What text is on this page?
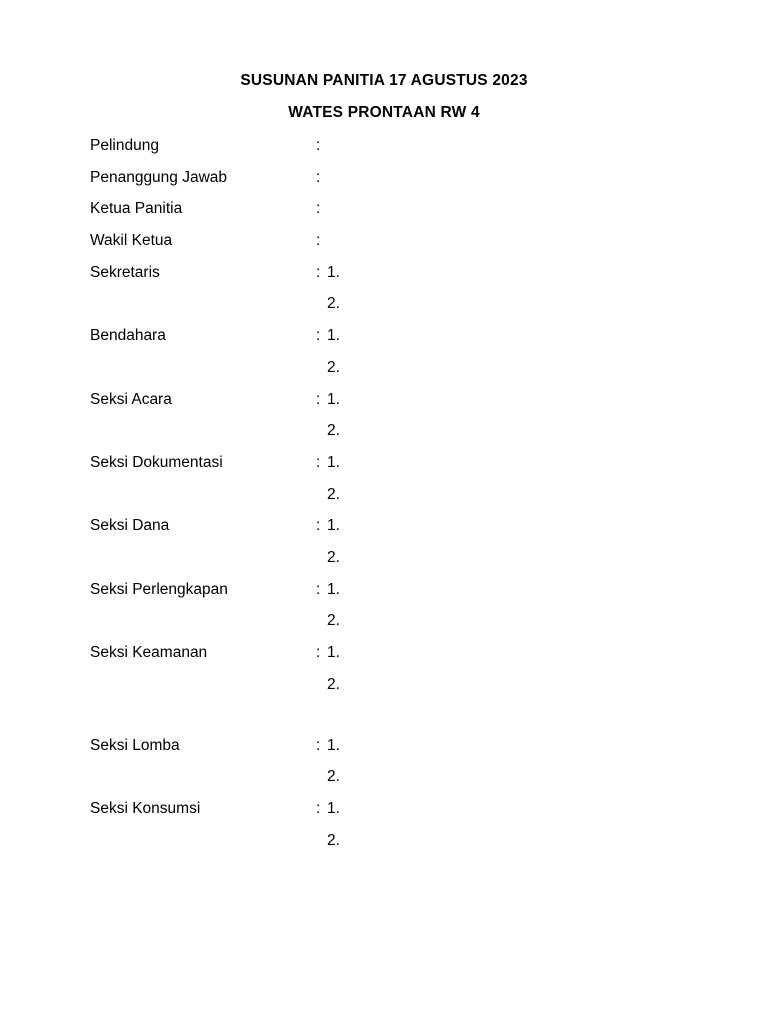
SUSUNAN PANITIA 17 AGUSTUS 2023
WATES PRONTAAN RW 4
Pelindung	:
Penanggung Jawab	:
Ketua Panitia	:
Wakil Ketua	:
Sekretaris	: 1.
2.
Bendahara	: 1.
2.
Seksi Acara	: 1.
2.
Seksi Dokumentasi	: 1.
2.
Seksi Dana	: 1.
2.
Seksi Perlengkapan	: 1.
2.
Seksi Keamanan	: 1.
2.
Seksi Lomba	: 1.
2.
Seksi Konsumsi	: 1.
2.
